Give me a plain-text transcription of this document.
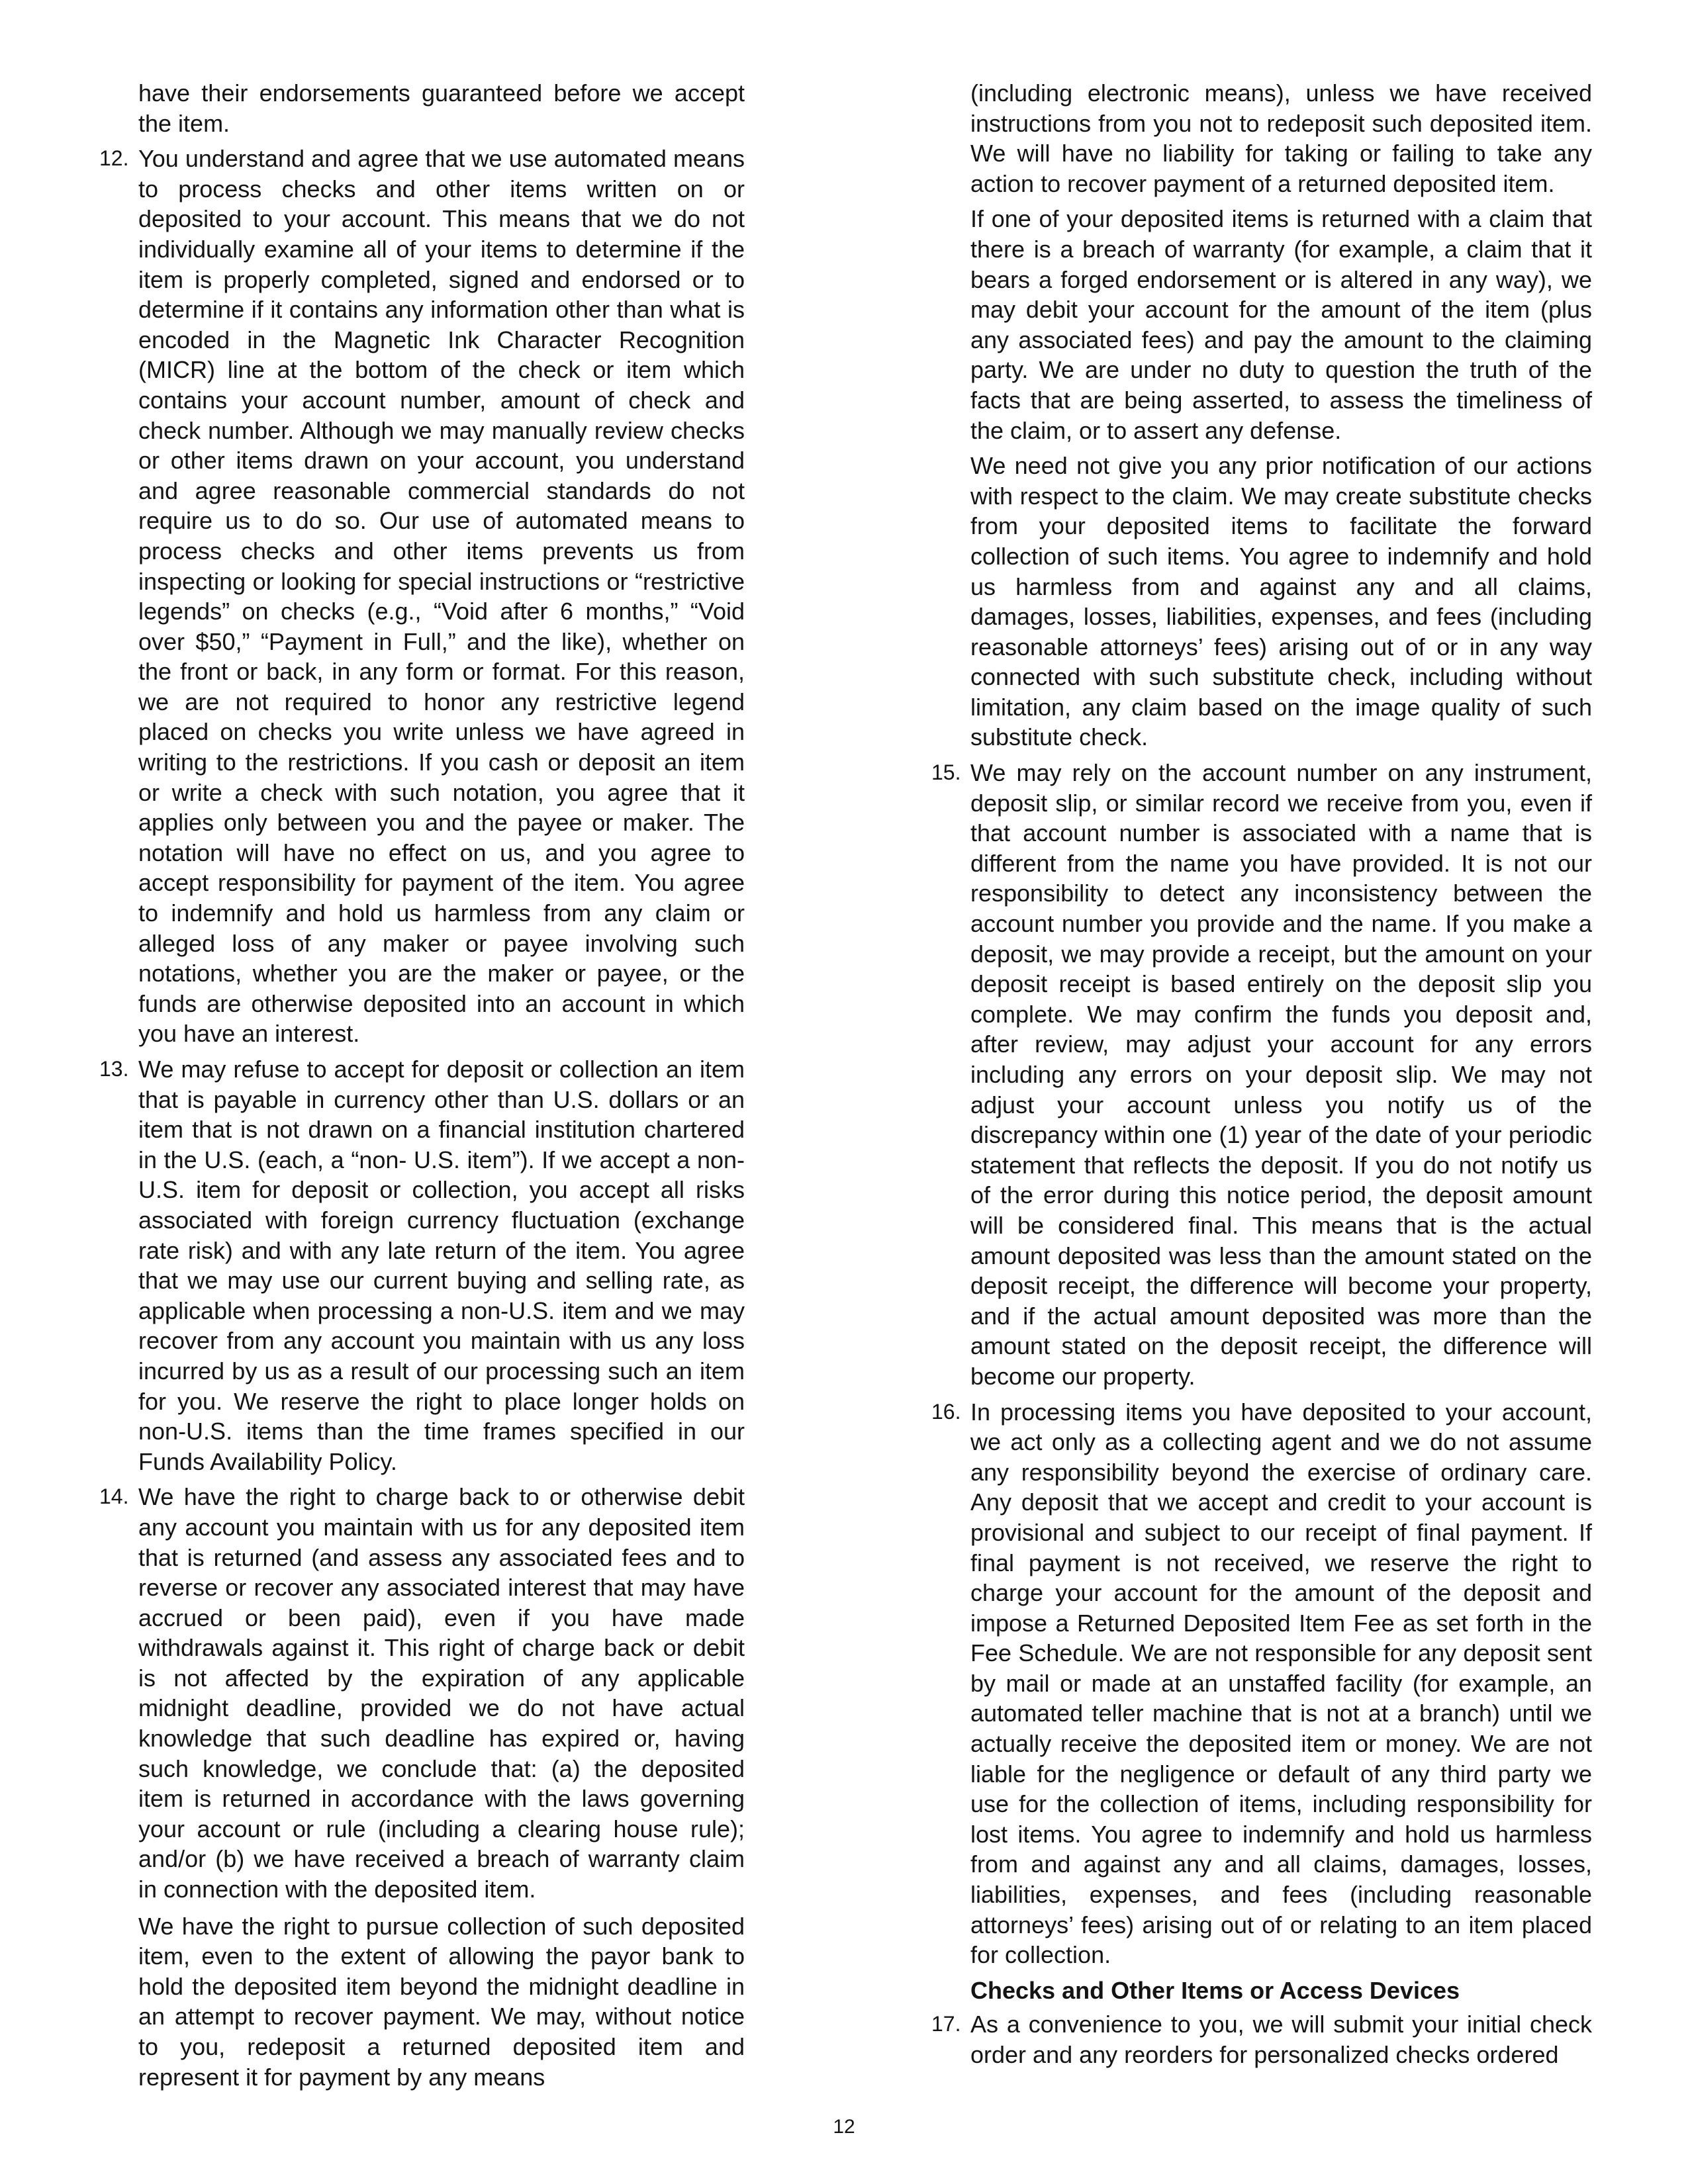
have their endorsements guaranteed before we accept the item.

12. You understand and agree that we use automated means to process checks and other items written on or deposited to your account. This means that we do not individually examine all of your items to determine if the item is properly completed, signed and endorsed or to determine if it contains any information other than what is encoded in the Magnetic Ink Character Recognition (MICR) line at the bottom of the check or item which contains your account number, amount of check and check number. Although we may manually review checks or other items drawn on your account, you understand and agree reasonable commercial standards do not require us to do so. Our use of automated means to process checks and other items prevents us from inspecting or looking for special instructions or “restrictive legends” on checks (e.g., “Void after 6 months,” “Void over $50,” “Payment in Full,” and the like), whether on the front or back, in any form or format. For this reason, we are not required to honor any restrictive legend placed on checks you write unless we have agreed in writing to the restrictions. If you cash or deposit an item or write a check with such notation, you agree that it applies only between you and the payee or maker. The notation will have no effect on us, and you agree to accept responsibility for payment of the item. You agree to indemnify and hold us harmless from any claim or alleged loss of any maker or payee involving such notations, whether you are the maker or payee, or the funds are otherwise deposited into an account in which you have an interest.

13. We may refuse to accept for deposit or collection an item that is payable in currency other than U.S. dollars or an item that is not drawn on a financial institution chartered in the U.S. (each, a “non- U.S. item”). If we accept a non-U.S. item for deposit or collection, you accept all risks associated with foreign currency fluctuation (exchange rate risk) and with any late return of the item. You agree that we may use our current buying and selling rate, as applicable when processing a non-U.S. item and we may recover from any account you maintain with us any loss incurred by us as a result of our processing such an item for you. We reserve the right to place longer holds on non-U.S. items than the time frames specified in our Funds Availability Policy.

14. We have the right to charge back to or otherwise debit any account you maintain with us for any deposited item that is returned (and assess any associated fees and to reverse or recover any associated interest that may have accrued or been paid), even if you have made withdrawals against it. This right of charge back or debit is not affected by the expiration of any applicable midnight deadline, provided we do not have actual knowledge that such deadline has expired or, having such knowledge, we conclude that: (a) the deposited item is returned in accordance with the laws governing your account or rule (including a clearing house rule); and/or (b) we have received a breach of warranty claim in connection with the deposited item.

We have the right to pursue collection of such deposited item, even to the extent of allowing the payor bank to hold the deposited item beyond the midnight deadline in an attempt to recover payment. We may, without notice to you, redeposit a returned deposited item and represent it for payment by any means

(including electronic means), unless we have received instructions from you not to redeposit such deposited item. We will have no liability for taking or failing to take any action to recover payment of a returned deposited item.

If one of your deposited items is returned with a claim that there is a breach of warranty (for example, a claim that it bears a forged endorsement or is altered in any way), we may debit your account for the amount of the item (plus any associated fees) and pay the amount to the claiming party. We are under no duty to question the truth of the facts that are being asserted, to assess the timeliness of the claim, or to assert any defense.

We need not give you any prior notification of our actions with respect to the claim. We may create substitute checks from your deposited items to facilitate the forward collection of such items. You agree to indemnify and hold us harmless from and against any and all claims, damages, losses, liabilities, expenses, and fees (including reasonable attorneys’ fees) arising out of or in any way connected with such substitute check, including without limitation, any claim based on the image quality of such substitute check.

15. We may rely on the account number on any instrument, deposit slip, or similar record we receive from you, even if that account number is associated with a name that is different from the name you have provided. It is not our responsibility to detect any inconsistency between the account number you provide and the name. If you make a deposit, we may provide a receipt, but the amount on your deposit receipt is based entirely on the deposit slip you complete. We may confirm the funds you deposit and, after review, may adjust your account for any errors including any errors on your deposit slip. We may not adjust your account unless you notify us of the discrepancy within one (1) year of the date of your periodic statement that reflects the deposit. If you do not notify us of the error during this notice period, the deposit amount will be considered final. This means that is the actual amount deposited was less than the amount stated on the deposit receipt, the difference will become your property, and if the actual amount deposited was more than the amount stated on the deposit receipt, the difference will become our property.

16. In processing items you have deposited to your account, we act only as a collecting agent and we do not assume any responsibility beyond the exercise of ordinary care. Any deposit that we accept and credit to your account is provisional and subject to our receipt of final payment. If final payment is not received, we reserve the right to charge your account for the amount of the deposit and impose a Returned Deposited Item Fee as set forth in the Fee Schedule. We are not responsible for any deposit sent by mail or made at an unstaffed facility (for example, an automated teller machine that is not at a branch) until we actually receive the deposited item or money. We are not liable for the negligence or default of any third party we use for the collection of items, including responsibility for lost items. You agree to indemnify and hold us harmless from and against any and all claims, damages, losses, liabilities, expenses, and fees (including reasonable attorneys’ fees) arising out of or relating to an item placed for collection.

Checks and Other Items or Access Devices
17. As a convenience to you, we will submit your initial check order and any reorders for personalized checks ordered

12
